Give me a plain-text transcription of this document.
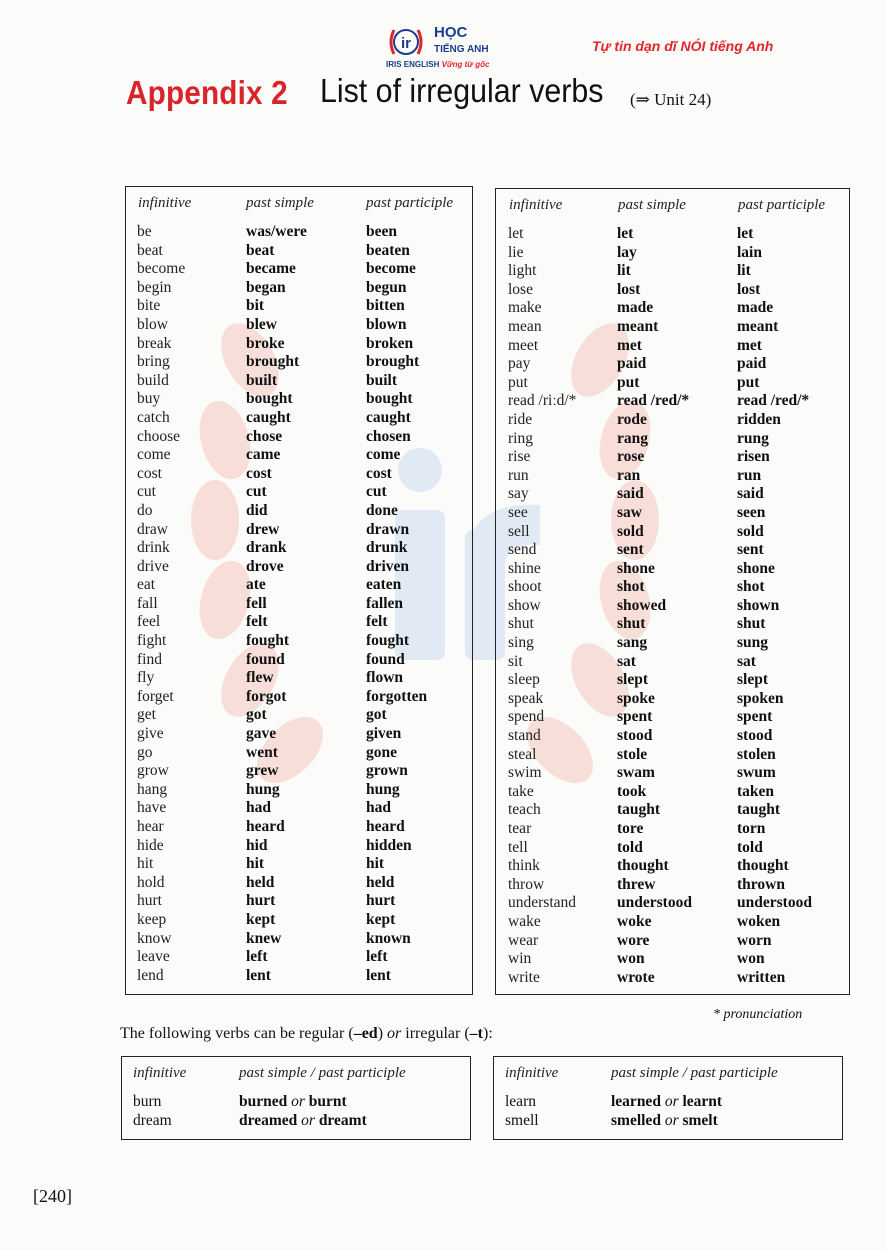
ir
HỌC
TIẾNG ANH
IRIS ENGLISH Vững từ gốc
Tự tin dạn dĩ NÓI tiếng Anh
Appendix 2 List of irregular verbs (⇒ Unit 24)
infinitive	past simple	past participle
be	was/were	been
beat	beat	beaten
become	became	become
begin	began	begun
bite	bit	bitten
blow	blew	blown
break	broke	broken
bring	brought	brought
build	built	built
buy	bought	bought
catch	caught	caught
choose	chose	chosen
come	came	come
cost	cost	cost
cut	cut	cut
do	did	done
draw	drew	drawn
drink	drank	drunk
drive	drove	driven
eat	ate	eaten
fall	fell	fallen
feel	felt	felt
fight	fought	fought
find	found	found
fly	flew	flown
forget	forgot	forgotten
get	got	got
give	gave	given
go	went	gone
grow	grew	grown
hang	hung	hung
have	had	had
hear	heard	heard
hide	hid	hidden
hit	hit	hit
hold	held	held
hurt	hurt	hurt
keep	kept	kept
know	knew	known
leave	left	left
lend	lent	lent
infinitive	past simple	past participle
let	let	let
lie	lay	lain
light	lit	lit
lose	lost	lost
make	made	made
mean	meant	meant
meet	met	met
pay	paid	paid
put	put	put
read /riːd/*	read /red/*	read /red/*
ride	rode	ridden
ring	rang	rung
rise	rose	risen
run	ran	run
say	said	said
see	saw	seen
sell	sold	sold
send	sent	sent
shine	shone	shone
shoot	shot	shot
show	showed	shown
shut	shut	shut
sing	sang	sung
sit	sat	sat
sleep	slept	slept
speak	spoke	spoken
spend	spent	spent
stand	stood	stood
steal	stole	stolen
swim	swam	swum
take	took	taken
teach	taught	taught
tear	tore	torn
tell	told	told
think	thought	thought
throw	threw	thrown
understand	understood	understood
wake	woke	woken
wear	wore	worn
win	won	won
write	wrote	written
* pronunciation
The following verbs can be regular (–ed) or irregular (–t):
infinitive	past simple / past participle
burn	burned or burnt
dream	dreamed or dreamt
infinitive	past simple / past participle
learn	learned or learnt
smell	smelled or smelt
[240]
